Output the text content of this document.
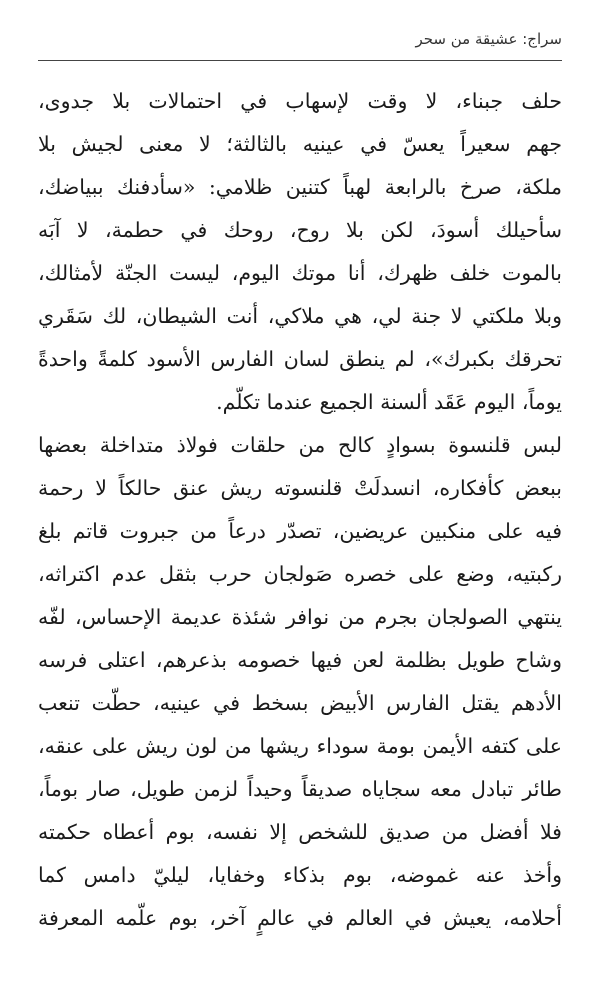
سراج: عشيقة من سحر
حلف جبناء، لا وقت لإسهاب في احتمالات بلا جدوى،
جهم سعيراً يعسّ في عينيه بالثالثة؛ لا معنى لجيش بلا
ملكة، صرخ بالرابعة لهباً كتنين ظلامي: «سأدفنك ببياضك،
سأحيلك أسودَ، لكن بلا روح، روحك في حطمة، لا آبَه
بالموت خلف ظهرك، أنا موتك اليوم، ليست الجنّة لأمثالك،
وبلا ملكتي لا جنة لي، هي ملاكي، أنت الشيطان، لك سَقَري
تحرقك بكبرك»، لم ينطق لسان الفارس الأسود كلمةً واحدةً
يوماً، اليوم عَقَد ألسنة الجميع عندما تكلّم.
لبس قلنسوة بسوادٍ كالح من حلقات فولاذ متداخلة بعضها
ببعض كأفكاره، انسدلَتْ قلنسوته ريش عنق حالكاً لا رحمة
فيه على منكبين عريضين، تصدّر درعاً من جبروت قاتم بلغ
ركبتيه، وضع على خصره صَولجان حرب بثقل عدم اكتراثه،
ينتهي الصولجان بجرم من نوافر شئذة عديمة الإحساس، لفّه
وشاح طويل بظلمة لعن فيها خصومه بذعرهم، اعتلى فرسه
الأدهم يقتل الفارس الأبيض بسخط في عينيه، حطّت تنعب
على كتفه الأيمن بومة سوداء ريشها من لون ريش على عنقه،
طائر تبادل معه سجاياه صديقاً وحيداً لزمن طويل، صار بوماً،
فلا أفضل من صديق للشخص إلا نفسه، بوم أعطاه حكمته
وأخذ عنه غموضه، بوم بذكاء وخفايا، ليليّ دامس كما
أحلامه، يعيش في العالم في عالمٍ آخر، بوم علّمه المعرفة
